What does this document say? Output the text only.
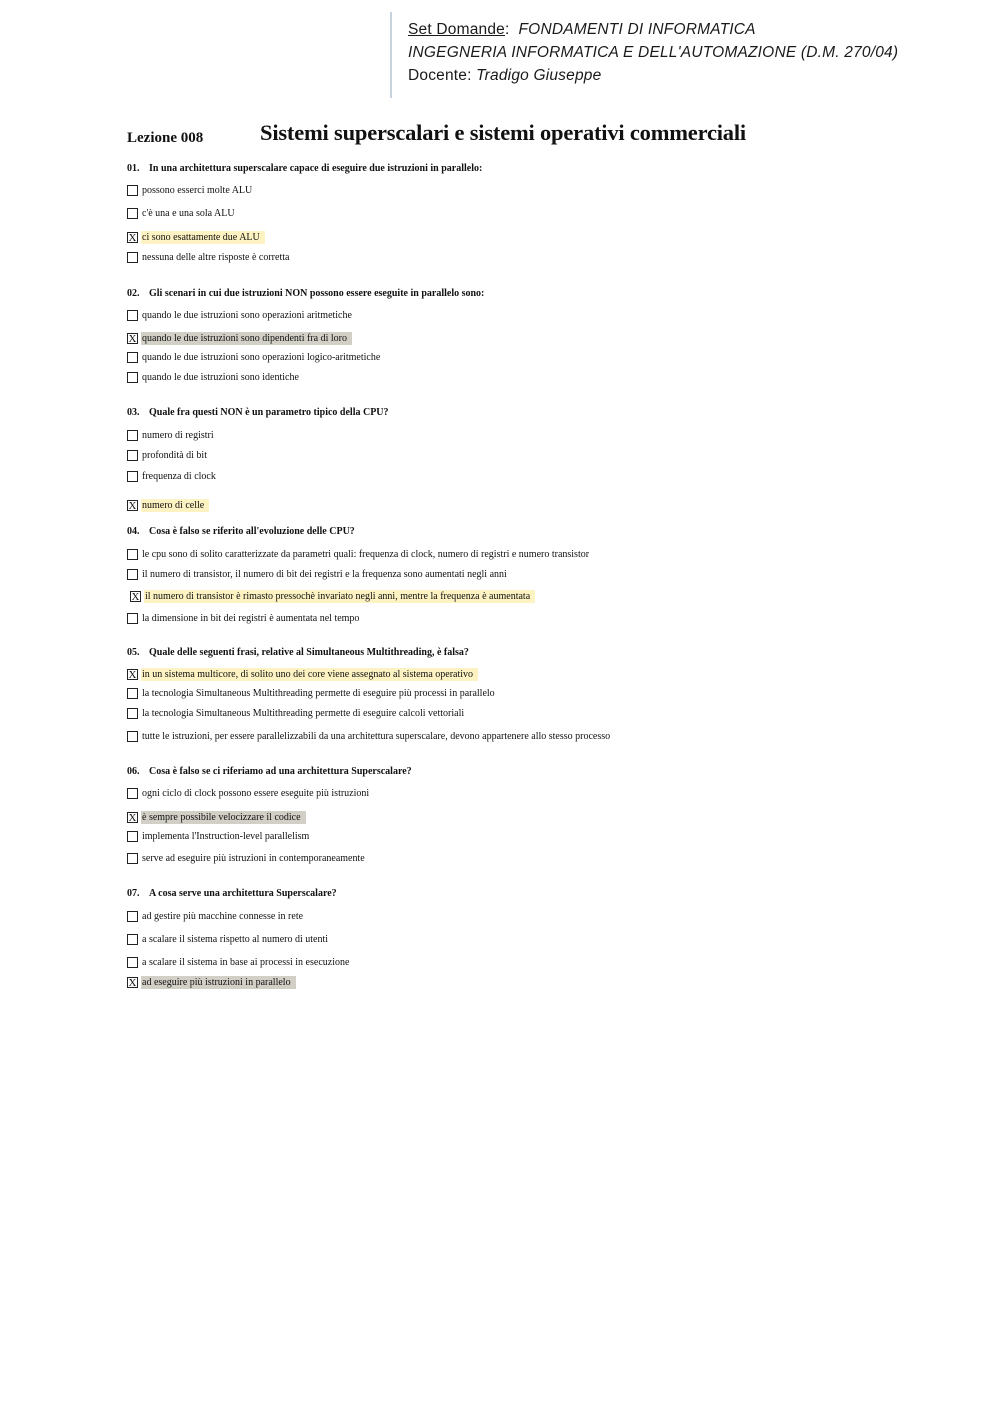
Set Domande: FONDAMENTI DI INFORMATICA
INGEGNERIA INFORMATICA E DELL'AUTOMAZIONE (D.M. 270/04)
Docente: Tradigo Giuseppe
Lezione 008	Sistemi superscalari e sistemi operativi commerciali
01. In una architettura superscalare capace di eseguire due istruzioni in parallelo:
possono esserci molte ALU
c'è una e una sola ALU
X ci sono esattamente due ALU
nessuna delle altre risposte è corretta
02. Gli scenari in cui due istruzioni NON possono essere eseguite in parallelo sono:
quando le due istruzioni sono operazioni aritmetiche
X quando le due istruzioni sono dipendenti fra di loro
quando le due istruzioni sono operazioni logico-aritmetiche
quando le due istruzioni sono identiche
03. Quale fra questi NON è un parametro tipico della CPU?
numero di registri
profondità di bit
frequenza di clock
X numero di celle
04. Cosa è falso se riferito all'evoluzione delle CPU?
le cpu sono di solito caratterizzate da parametri quali: frequenza di clock, numero di registri e numero transistor
il numero di transistor, il numero di bit dei registri e la frequenza sono aumentati negli anni
X il numero di transistor è rimasto pressochè invariato negli anni, mentre la frequenza è aumentata
la dimensione in bit dei registri è aumentata nel tempo
05. Quale delle seguenti frasi, relative al Simultaneous Multithreading, è falsa?
X in un sistema multicore, di solito uno dei core viene assegnato al sistema operativo
la tecnologia Simultaneous Multithreading permette di eseguire più processi in parallelo
la tecnologia Simultaneous Multithreading permette di eseguire calcoli vettoriali
tutte le istruzioni, per essere parallelizzabili da una architettura superscalare, devono appartenere allo stesso processo
06. Cosa è falso se ci riferiamo ad una architettura Superscalare?
ogni ciclo di clock possono essere eseguite più istruzioni
X è sempre possibile velocizzare il codice
implementa l'Instruction-level parallelism
serve ad eseguire più istruzioni in contemporaneamente
07. A cosa serve una architettura Superscalare?
ad gestire più macchine connesse in rete
a scalare il sistema rispetto al numero di utenti
a scalare il sistema in base ai processi in esecuzione
X ad eseguire più istruzioni in parallelo
